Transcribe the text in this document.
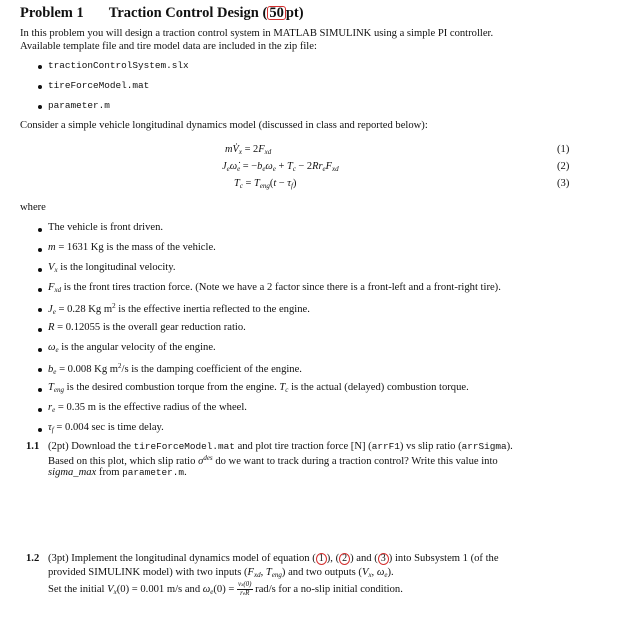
Problem 1 Traction Control Design ( 50 pt)
In this problem you will design a traction control system in MATLAB SIMULINK using a simple PI controller.
Available template file and tire model data are included in the zip file:
tractionControlSystem.slx
tireForceModel.mat
parameter.m
Consider a simple vehicle longitudinal dynamics model (discussed in class and reported below):
$mV̇_x = 2F_{xd}$
$J_e\omegȧ_e = -b_e\omega_e + T_c - 2Rr_eF_{xd}$
$T_c = T_{eng}(t - \tau_f)$
(1)
(2)
(3)
where
The vehicle is front driven.
m = 1631 Kg is the mass of the vehicle.
$V_x$ is the longitudinal velocity.
$F_{xd}$ is the front tires traction force. (Note we have a 2 factor since there is a front-left and a front-right tire).
$J_e = 0.28$ Kg $m^2$ is the effective inertia reflected to the engine.
R = 0.12055 is the overall gear reduction ratio.
$\omega_e$ is the angular velocity of the engine.
$b_e = 0.008$ Kg $m^2/s$ is the damping coefficient of the engine.
$T_{eng}$ is the desired combustion torque from the engine. $T_c$ is the actual (delayed) combustion torque.
$r_e = 0.35$ m is the effective radius of the wheel.
$\tau_f = 0.004$ sec is time delay.
1.1 (2pt) Download the tireForceModel.mat and plot tire traction force [N] (arrF1) vs slip ratio (arrSigma).
Based on this plot, which slip ratio $\sigma^{des}$ do we want to track during a traction control? Write this value into
sigma_max from parameter.m.
1.2 (3pt) Implement the longitudinal dynamics model of equation ( 1 ), ( 2 ) and ( 3 ) into Subsystem 1 (of the
provided SIMULINK model) with two inputs ($F_{xd}$, $T_{eng}$) and two outputs ($V_x$, $\omega_e$).
Set the initial $V_x(0) = 0.001$ m/s and $\omega_e(0) = \frac{vx(0)}{\text{reR}} rad/s$ for a no-slip initial condition.
